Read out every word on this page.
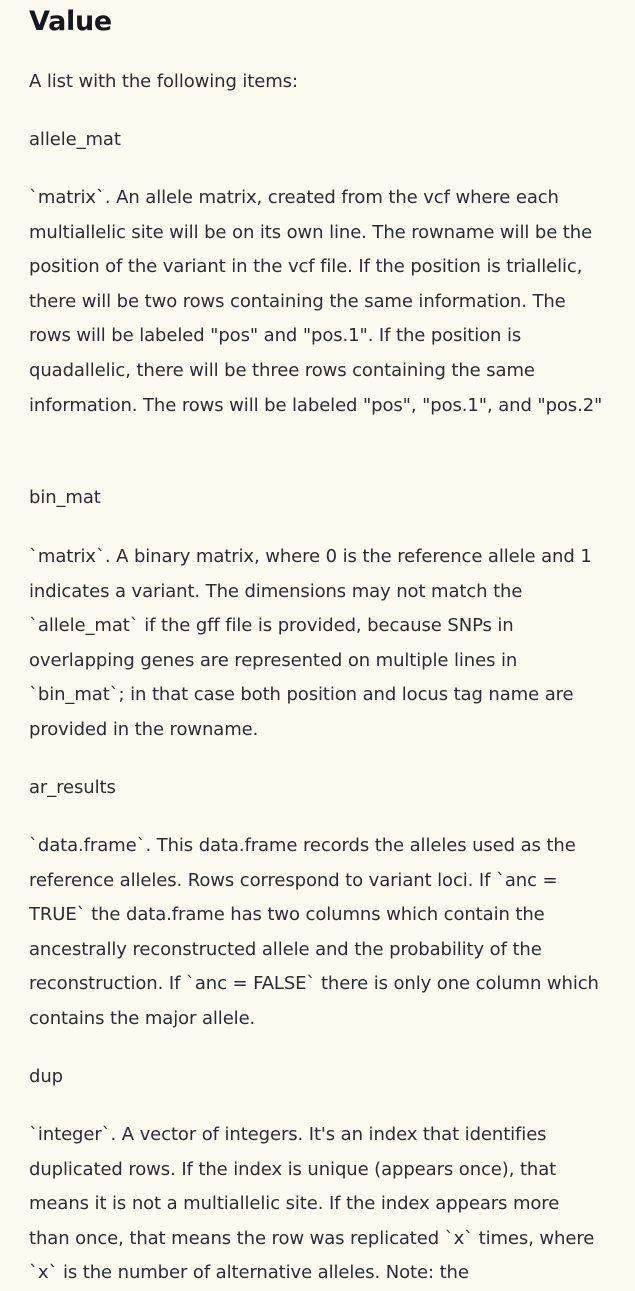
Value

A list with the following items:

allele_mat

`matrix`. An allele matrix, created from the vcf where each multiallelic site will be on its own line. The rowname will be the position of the variant in the vcf file. If the position is triallelic, there will be two rows containing the same information. The rows will be labeled "pos" and "pos.1". If the position is quadallelic, there will be three rows containing the same information. The rows will be labeled "pos", "pos.1", and "pos.2"

bin_mat

`matrix`. A binary matrix, where 0 is the reference allele and 1 indicates a variant. The dimensions may not match the `allele_mat` if the gff file is provided, because SNPs in overlapping genes are represented on multiple lines in `bin_mat`; in that case both position and locus tag name are provided in the rowname.

ar_results

`data.frame`. This data.frame records the alleles used as the reference alleles. Rows correspond to variant loci. If `anc = TRUE` the data.frame has two columns which contain the ancestrally reconstructed allele and the probability of the reconstruction. If `anc = FALSE` there is only one column which contains the major allele.

dup

`integer`. A vector of integers. It's an index that identifies duplicated rows. If the index is unique (appears once), that means it is not a multiallelic site. If the index appears more than once, that means the row was replicated `x` times, where `x` is the number of alternative alleles. Note: the
